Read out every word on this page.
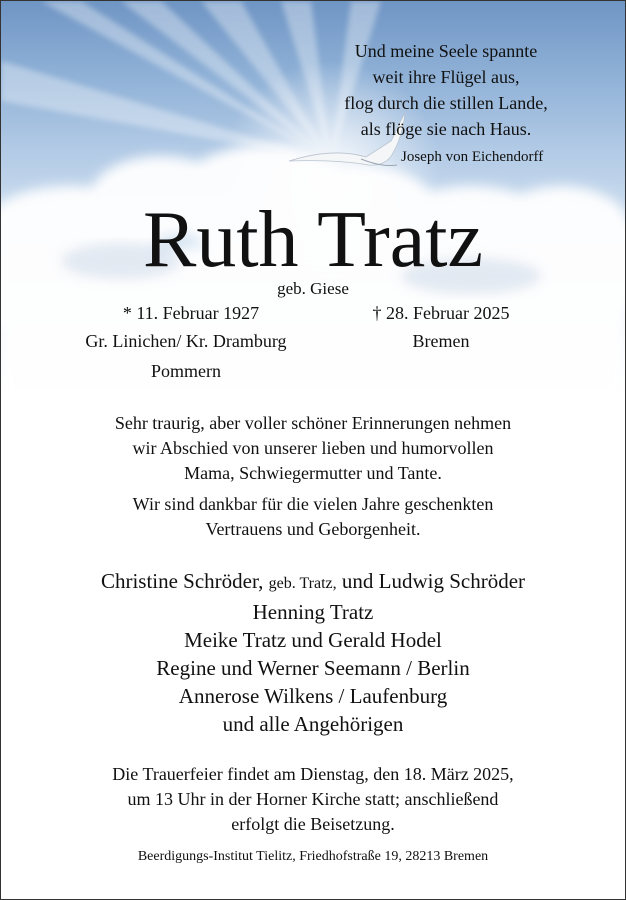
Und meine Seele spannte
weit ihre Flügel aus,
flog durch die stillen Lande,
als flöge sie nach Haus.
Joseph von Eichendorff
Ruth Tratz
geb. Giese
* 11. Februar 1927
Gr. Linichen/ Kr. Dramburg
Pommern
† 28. Februar 2025
Bremen
Sehr traurig, aber voller schöner Erinnerungen nehmen
wir Abschied von unserer lieben und humorvollen
Mama, Schwiegermutter und Tante.
Wir sind dankbar für die vielen Jahre geschenkten
Vertrauens und Geborgenheit.
Christine Schröder, geb. Tratz, und Ludwig Schröder
Henning Tratz
Meike Tratz und Gerald Hodel
Regine und Werner Seemann / Berlin
Annerose Wilkens / Laufenburg
und alle Angehörigen
Die Trauerfeier findet am Dienstag, den 18. März 2025,
um 13 Uhr in der Horner Kirche statt; anschließend
erfolgt die Beisetzung.
Beerdigungs-Institut Tielitz, Friedhofstraße 19, 28213 Bremen
